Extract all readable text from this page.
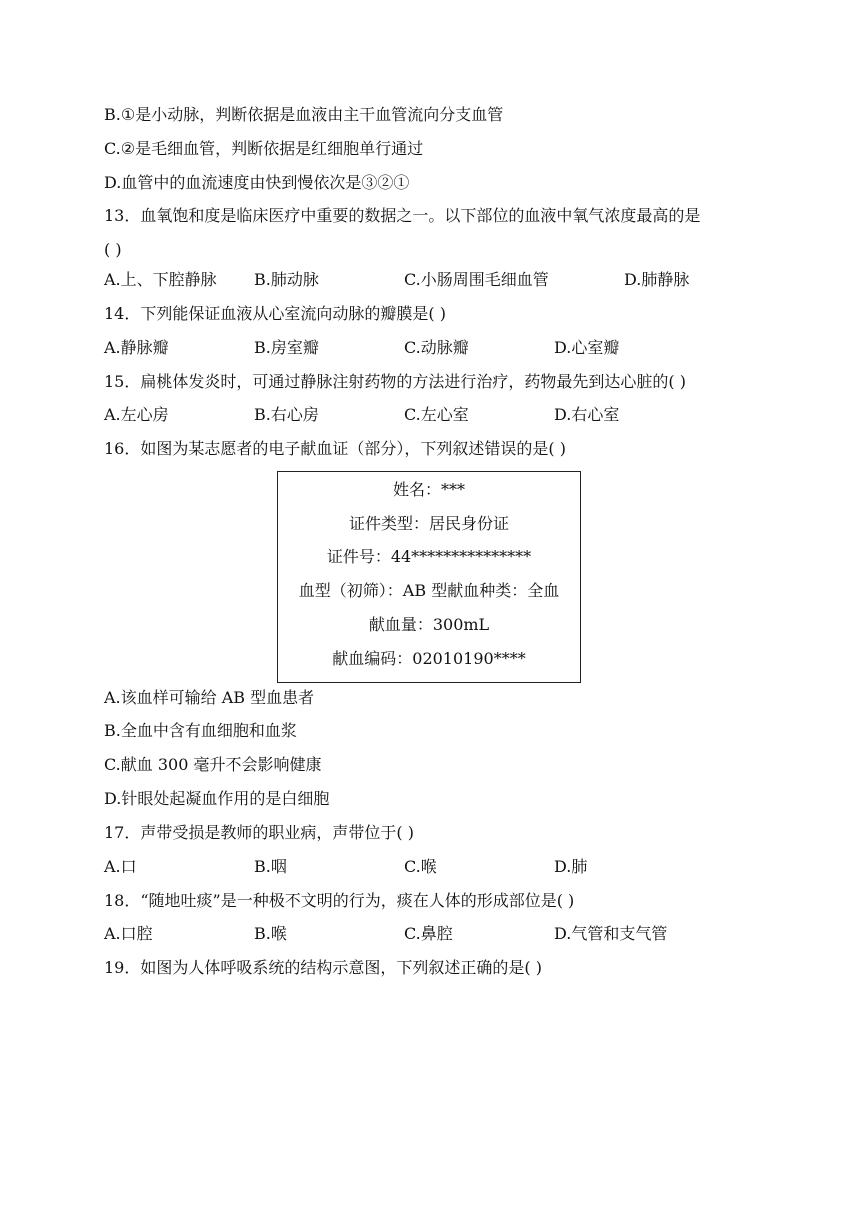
B.①是小动脉，判断依据是血液由主干血管流向分支血管
C.②是毛细血管，判断依据是红细胞单行通过
D.血管中的血流速度由快到慢依次是③②①
13．血氧饱和度是临床医疗中重要的数据之一。以下部位的血液中氧气浓度最高的是
( )
A.上、下腔静脉 B.肺动脉	C.小肠周围毛细血管	D.肺静脉
14．下列能保证血液从心室流向动脉的瓣膜是( )
A.静脉瓣	B.房室瓣	C.动脉瓣	D.心室瓣
15．扁桃体发炎时，可通过静脉注射药物的方法进行治疗，药物最先到达心脏的( )
A.左心房	B.右心房	C.左心室	D.右心室
16．如图为某志愿者的电子献血证（部分），下列叙述错误的是( )
姓名：***
证件类型：居民身份证
证件号：44***************
血型（初筛）：AB 型献血种类：全血
献血量：300mL
献血编码：02010190****
A.该血样可输给 AB 型血患者
B.全血中含有血细胞和血浆
C.献血 300 毫升不会影响健康
D.针眼处起凝血作用的是白细胞
17．声带受损是教师的职业病，声带位于( )
A.口	B.咽	C.喉	D.肺
18．“随地吐痰”是一种极不文明的行为，痰在人体的形成部位是( )
A.口腔	B.喉	C.鼻腔	D.气管和支气管
19．如图为人体呼吸系统的结构示意图，下列叙述正确的是( )
